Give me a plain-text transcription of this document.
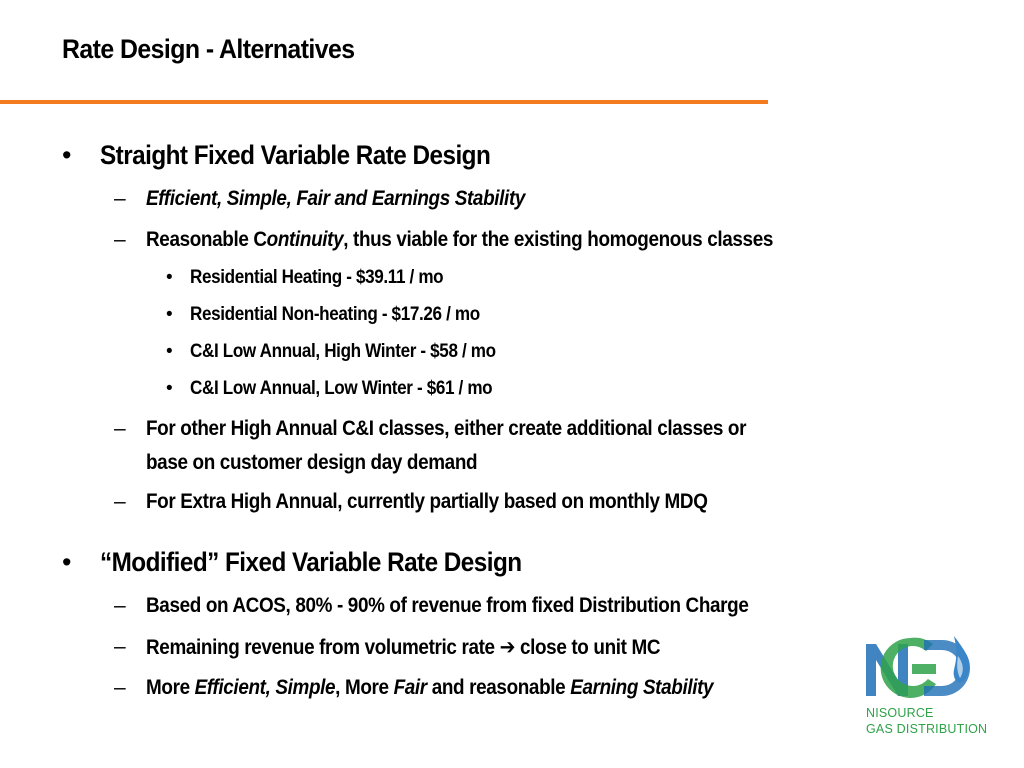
Rate Design - Alternatives
• Straight Fixed Variable Rate Design
– Efficient, Simple, Fair and Earnings Stability
– Reasonable Continuity, thus viable for the existing homogenous classes
• Residential Heating - $39.11 / mo
• Residential Non-heating - $17.26 / mo
• C&I Low Annual, High Winter - $58 / mo
• C&I Low Annual, Low Winter - $61 / mo
– For other High Annual C&I classes, either create additional classes or
base on customer design day demand
– For Extra High Annual, currently partially based on monthly MDQ
• “Modified” Fixed Variable Rate Design
– Based on ACOS, 80% - 90% of revenue from fixed Distribution Charge
– Remaining revenue from volumetric rate ➔ close to unit MC
– More Efficient, Simple, More Fair and reasonable Earning Stability
NISOURCE
GAS DISTRIBUTION
